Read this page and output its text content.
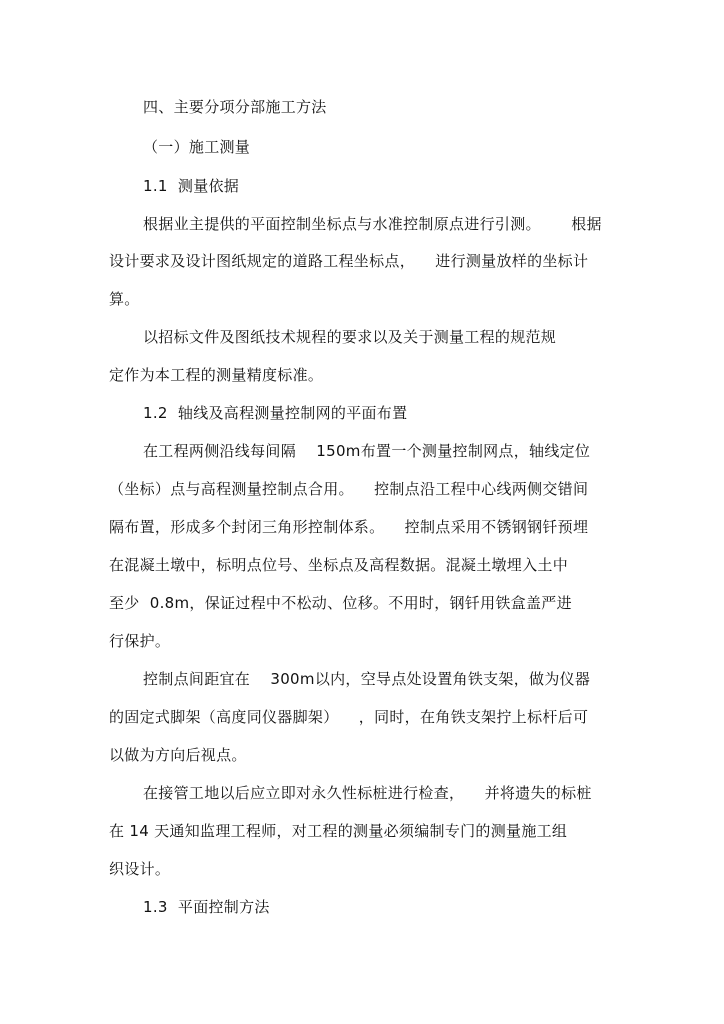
四、主要分项分部施工方法
（一）施工测量
1.1  测量依据
根据业主提供的平面控制坐标点与水准控制原点进行引测。      根据
设计要求及设计图纸规定的道路工程坐标点，    进行测量放样的坐标计
算。
以招标文件及图纸技术规程的要求以及关于测量工程的规范规
定作为本工程的测量精度标准。
1.2  轴线及高程测量控制网的平面布置
在工程两侧沿线每间隔    150m布置一个测量控制网点，轴线定位
（坐标）点与高程测量控制点合用。    控制点沿工程中心线两侧交错间
隔布置，形成多个封闭三角形控制体系。    控制点采用不锈钢钢钎预埋
在混凝土墩中，标明点位号、坐标点及高程数据。混凝土墩埋入土中
至少  0.8m，保证过程中不松动、位移。不用时，钢钎用铁盒盖严进
行保护。
控制点间距宜在    300m以内，空导点处设置角铁支架，做为仪器
的固定式脚架（高度同仪器脚架）    ，同时，在角铁支架拧上标杆后可
以做为方向后视点。
在接管工地以后应立即对永久性标桩进行检查，    并将遗失的标桩
在 14 天通知监理工程师，对工程的测量必须编制专门的测量施工组
织设计。
1.3  平面控制方法
